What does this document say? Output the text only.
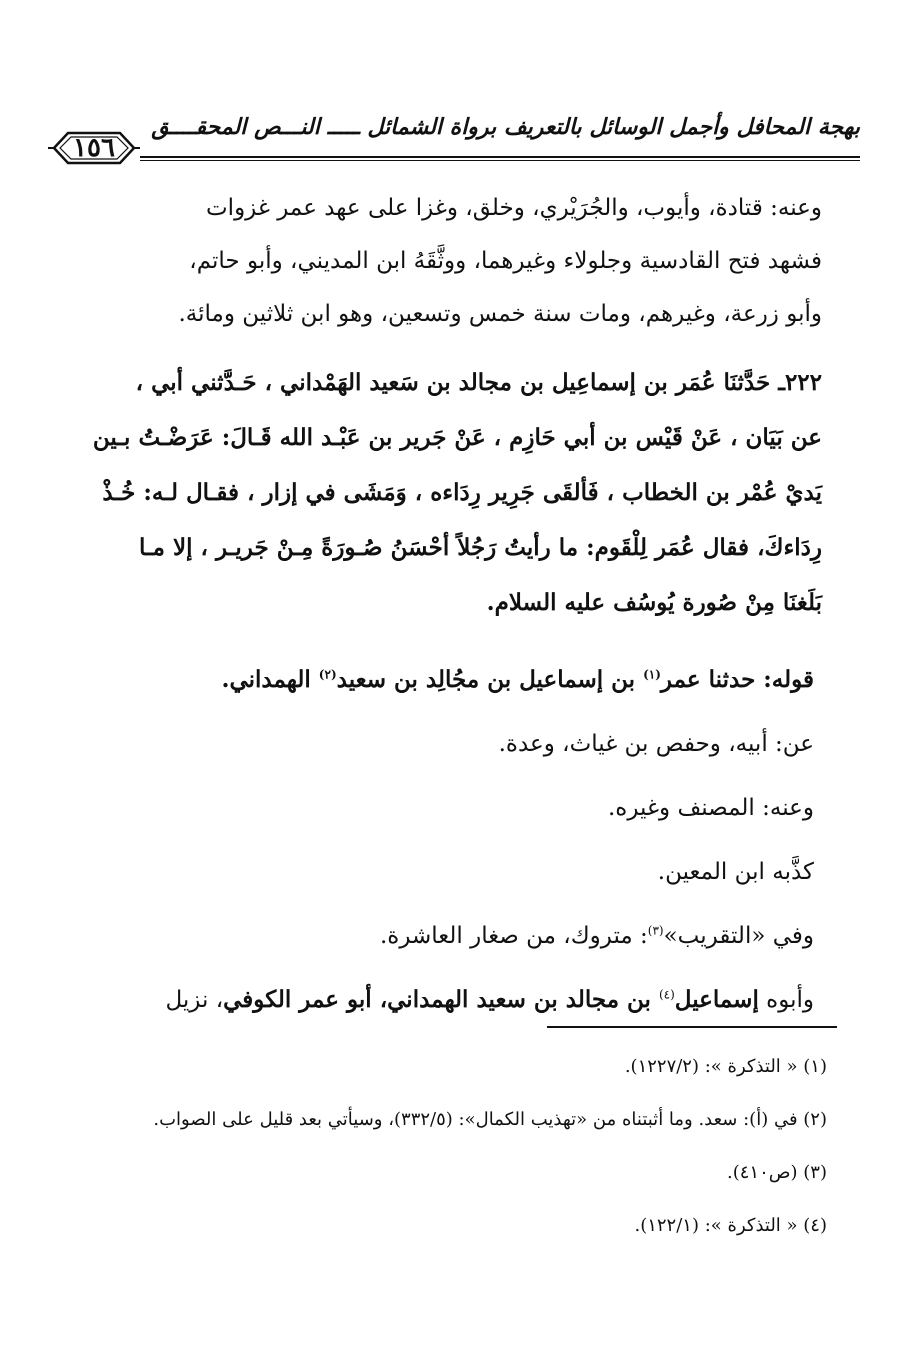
بهجة المحافل وأجمل الوسائل بالتعريف برواة الشمائل ـــــ النـــص المحقــــق
١٥٦

وعنه: قتادة، وأيوب، والجُرَيْري، وخلق، وغزا على عهد عمر غزوات

فشهد فتح القادسية وجلولاء وغيرهما، ووثَّقَهُ ابن المديني، وأبو حاتم،

وأبو زرعة، وغيرهم، ومات سنة خمس وتسعين، وهو ابن ثلاثين ومائة.

٢٢٢ـ حَدَّثنَا عُمَر بن إسماعِيل بن مجالد بن سَعيد الهَمْداني ، حَـدَّثني أبي ،

عن بَيَان ، عَنْ قَيْس بن أبي حَازِم ، عَنْ جَرير بن عَبْـد الله قَـالَ: عَرَضْـتُ بـين

يَديْ عُمْر بن الخطاب ، فَألقَى جَرِير رِدَاءه ، وَمَشَى في إزار ، فقـال لـه: خُـذْ

رِدَاءكَ، فقال عُمَر لِلْقَوم: ما رأيتُ رَجُلاً أحْسَنُ صُـورَةً مِـنْ جَريـر ، إلا مـا

بَلَغنَا مِنْ صُورة يُوسُف عليه السلام.

قوله: حدثنا عمر$^{(١)}$ بن إسماعيل بن مجُالِد بن سعيد$^{(٢)}$ الهمداني.

عن: أبيه، وحفص بن غياث، وعدة.

وعنه: المصنف وغيره.

كذَّبه ابن المعين.

وفي «التقريب»$^{(٣)}$: متروك، من صغار العاشرة.

وأبوه إسماعيل$^{(٤)}$ بن مجالد بن سعيد الهمداني، أبو عمر الكوفي، نزيل

(١) « التذكرة »: (١٢٢٧/٢).

(٢) في (أ): سعد. وما أثبتناه من «تهذيب الكمال»: (٣٣٢/٥)، وسيأتي بعد قليل على الصواب.

(٣) (ص٤١٠).

(٤) « التذكرة »: (١٢٢/١).
